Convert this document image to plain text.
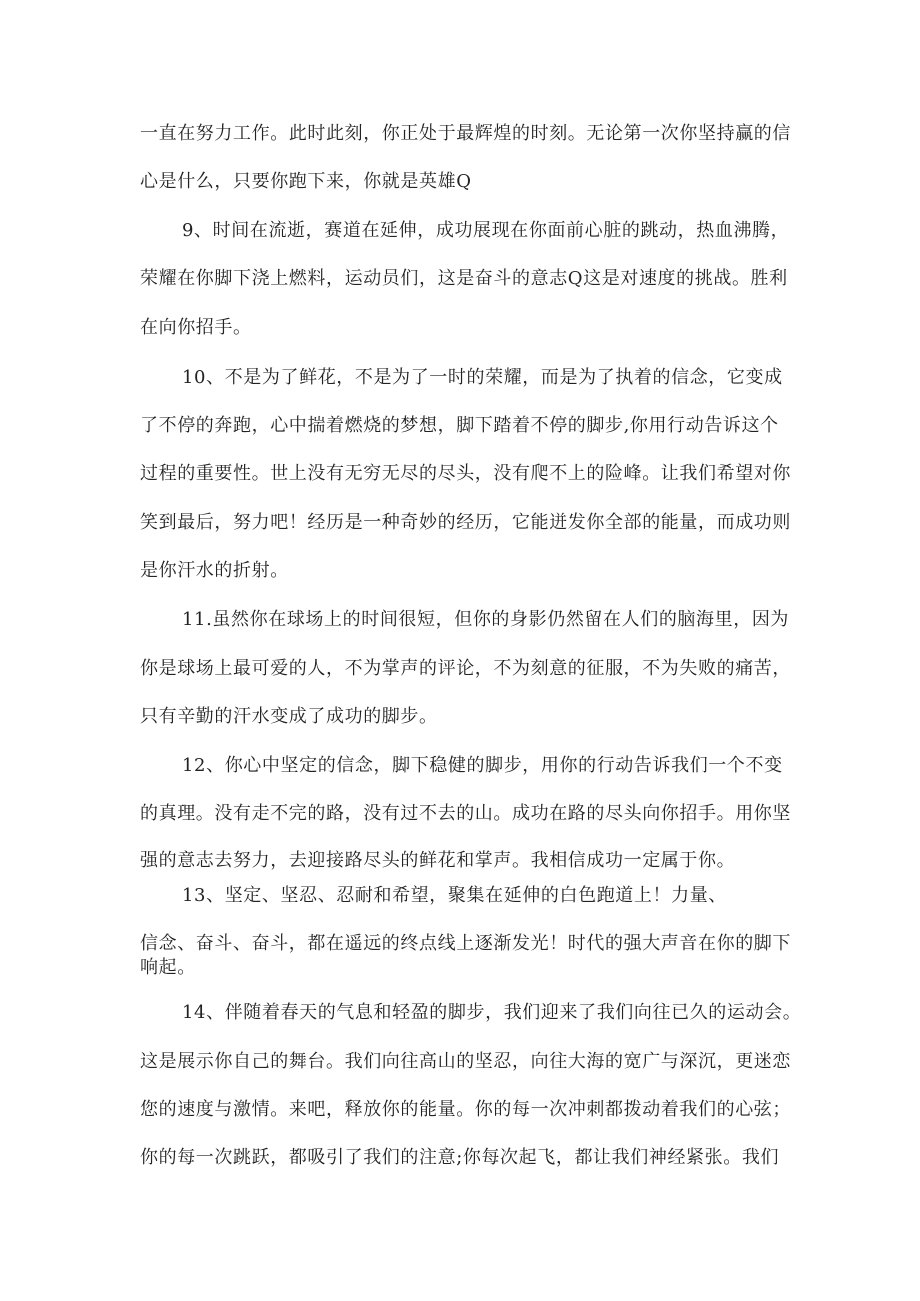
一直在努力工作。此时此刻，你正处于最辉煌的时刻。无论第一次你坚持赢的信
心是什么，只要你跑下来，你就是英雄Q
9、时间在流逝，赛道在延伸，成功展现在你面前心脏的跳动，热血沸腾，
荣耀在你脚下浇上燃料，运动员们，这是奋斗的意志Q这是对速度的挑战。胜利
在向你招手。
10、不是为了鲜花，不是为了一时的荣耀，而是为了执着的信念，它变成
了不停的奔跑，心中揣着燃烧的梦想，脚下踏着不停的脚步,你用行动告诉这个
过程的重要性。世上没有无穷无尽的尽头，没有爬不上的险峰。让我们希望对你
笑到最后，努力吧！经历是一种奇妙的经历，它能迸发你全部的能量，而成功则
是你汗水的折射。
11.虽然你在球场上的时间很短，但你的身影仍然留在人们的脑海里，因为
你是球场上最可爱的人，不为掌声的评论，不为刻意的征服，不为失败的痛苦，
只有辛勤的汗水变成了成功的脚步。
12、你心中坚定的信念，脚下稳健的脚步，用你的行动告诉我们一个不变
的真理。没有走不完的路，没有过不去的山。成功在路的尽头向你招手。用你坚
强的意志去努力，去迎接路尽头的鲜花和掌声。我相信成功一定属于你。
13、坚定、坚忍、忍耐和希望，聚集在延伸的白色跑道上！力量、
信念、奋斗、奋斗，都在遥远的终点线上逐渐发光！时代的强大声音在你的脚下
响起。
14、伴随着春天的气息和轻盈的脚步，我们迎来了我们向往已久的运动会。
这是展示你自己的舞台。我们向往高山的坚忍，向往大海的宽广与深沉，更迷恋
您的速度与激情。来吧，释放你的能量。你的每一次冲刺都拨动着我们的心弦；
你的每一次跳跃，都吸引了我们的注意;你每次起飞，都让我们神经紧张。我们
